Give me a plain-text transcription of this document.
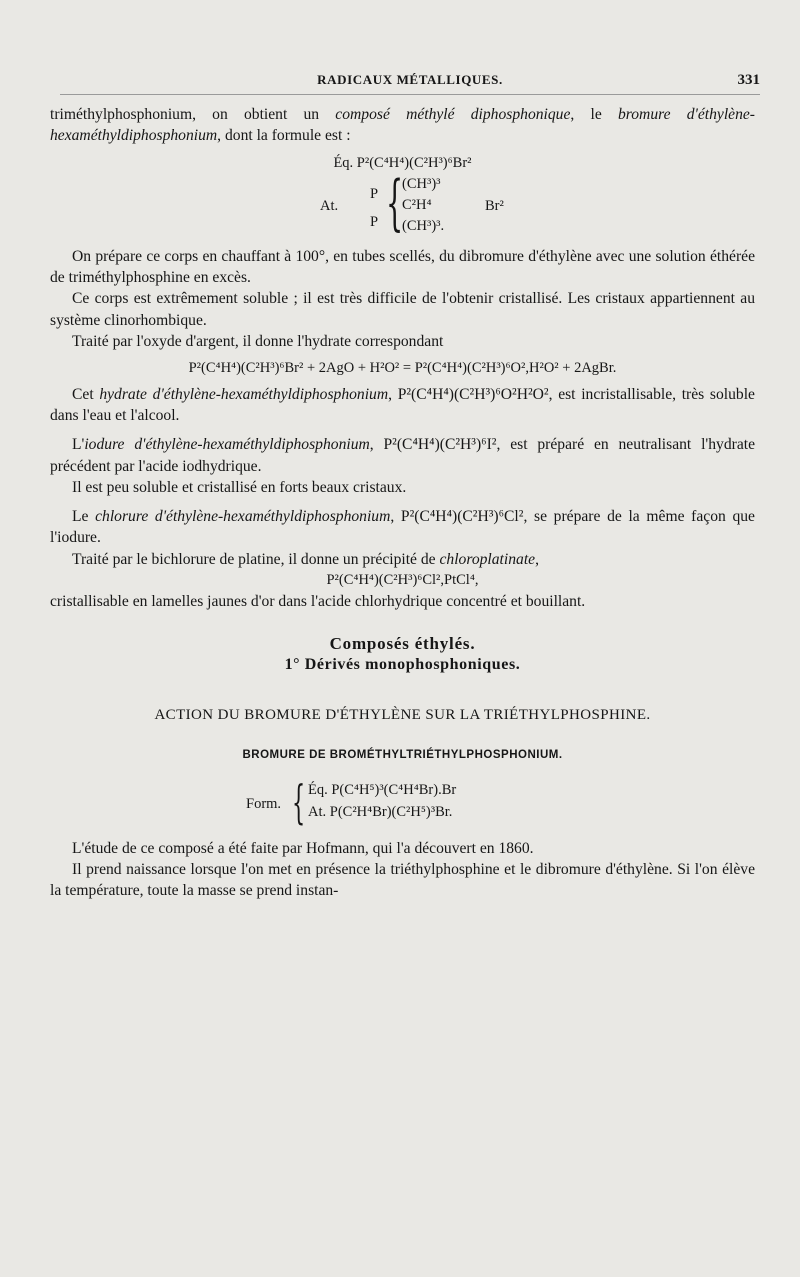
RADICAUX MÉTALLIQUES.	331

triméthylphosphonium, on obtient un composé méthylé diphosphonique, le bromure d'éthylène-hexaméthyldiphosphonium, dont la formule est :

Éq. P²(C⁴H⁴)(C²H³)⁶Br²

At.
P
P {
(CH³)³
C²H⁴
(CH³)³.
Br²

On prépare ce corps en chauffant à 100°, en tubes scellés, du dibromure d'éthylène avec une solution éthérée de triméthylphosphine en excès.

Ce corps est extrêmement soluble ; il est très difficile de l'obtenir cristallisé. Les cristaux appartiennent au système clinorhombique.

Traité par l'oxyde d'argent, il donne l'hydrate correspondant

P²(C⁴H⁴)(C²H³)⁶Br² + 2AgO + H²O² = P²(C⁴H⁴)(C²H³)⁶O²,H²O² + 2AgBr.

Cet hydrate d'éthylène-hexaméthyldiphosphonium, P²(C⁴H⁴)(C²H³)⁶O²H²O², est incristallisable, très soluble dans l'eau et l'alcool.

L'iodure d'éthylène-hexaméthyldiphosphonium, P²(C⁴H⁴)(C²H³)⁶I², est préparé en neutralisant l'hydrate précédent par l'acide iodhydrique.

Il est peu soluble et cristallisé en forts beaux cristaux.

Le chlorure d'éthylène-hexaméthyldiphosphonium, P²(C⁴H⁴)(C²H³)⁶Cl², se prépare de la même façon que l'iodure.

Traité par le bichlorure de platine, il donne un précipité de chloroplatinate,

P²(C⁴H⁴)(C²H³)⁶Cl²,PtCl⁴,

cristallisable en lamelles jaunes d'or dans l'acide chlorhydrique concentré et bouillant.

Composés éthylés.
1° Dérivés monophosphoniques.
ACTION DU BROMURE D'ÉTHYLÈNE SUR LA TRIÉTHYLPHOSPHINE.
BROMURE DE BROMÉTHYLTRIÉTHYLPHOSPHONIUM.
Form. { Éq. P(C⁴H⁵)³(C⁴H⁴Br).Br
At. P(C²H⁴Br)(C²H⁵)³Br.

L'étude de ce composé a été faite par Hofmann, qui l'a découvert en 1860.

Il prend naissance lorsque l'on met en présence la triéthylphosphine et le dibromure d'éthylène. Si l'on élève la température, toute la masse se prend instan-
